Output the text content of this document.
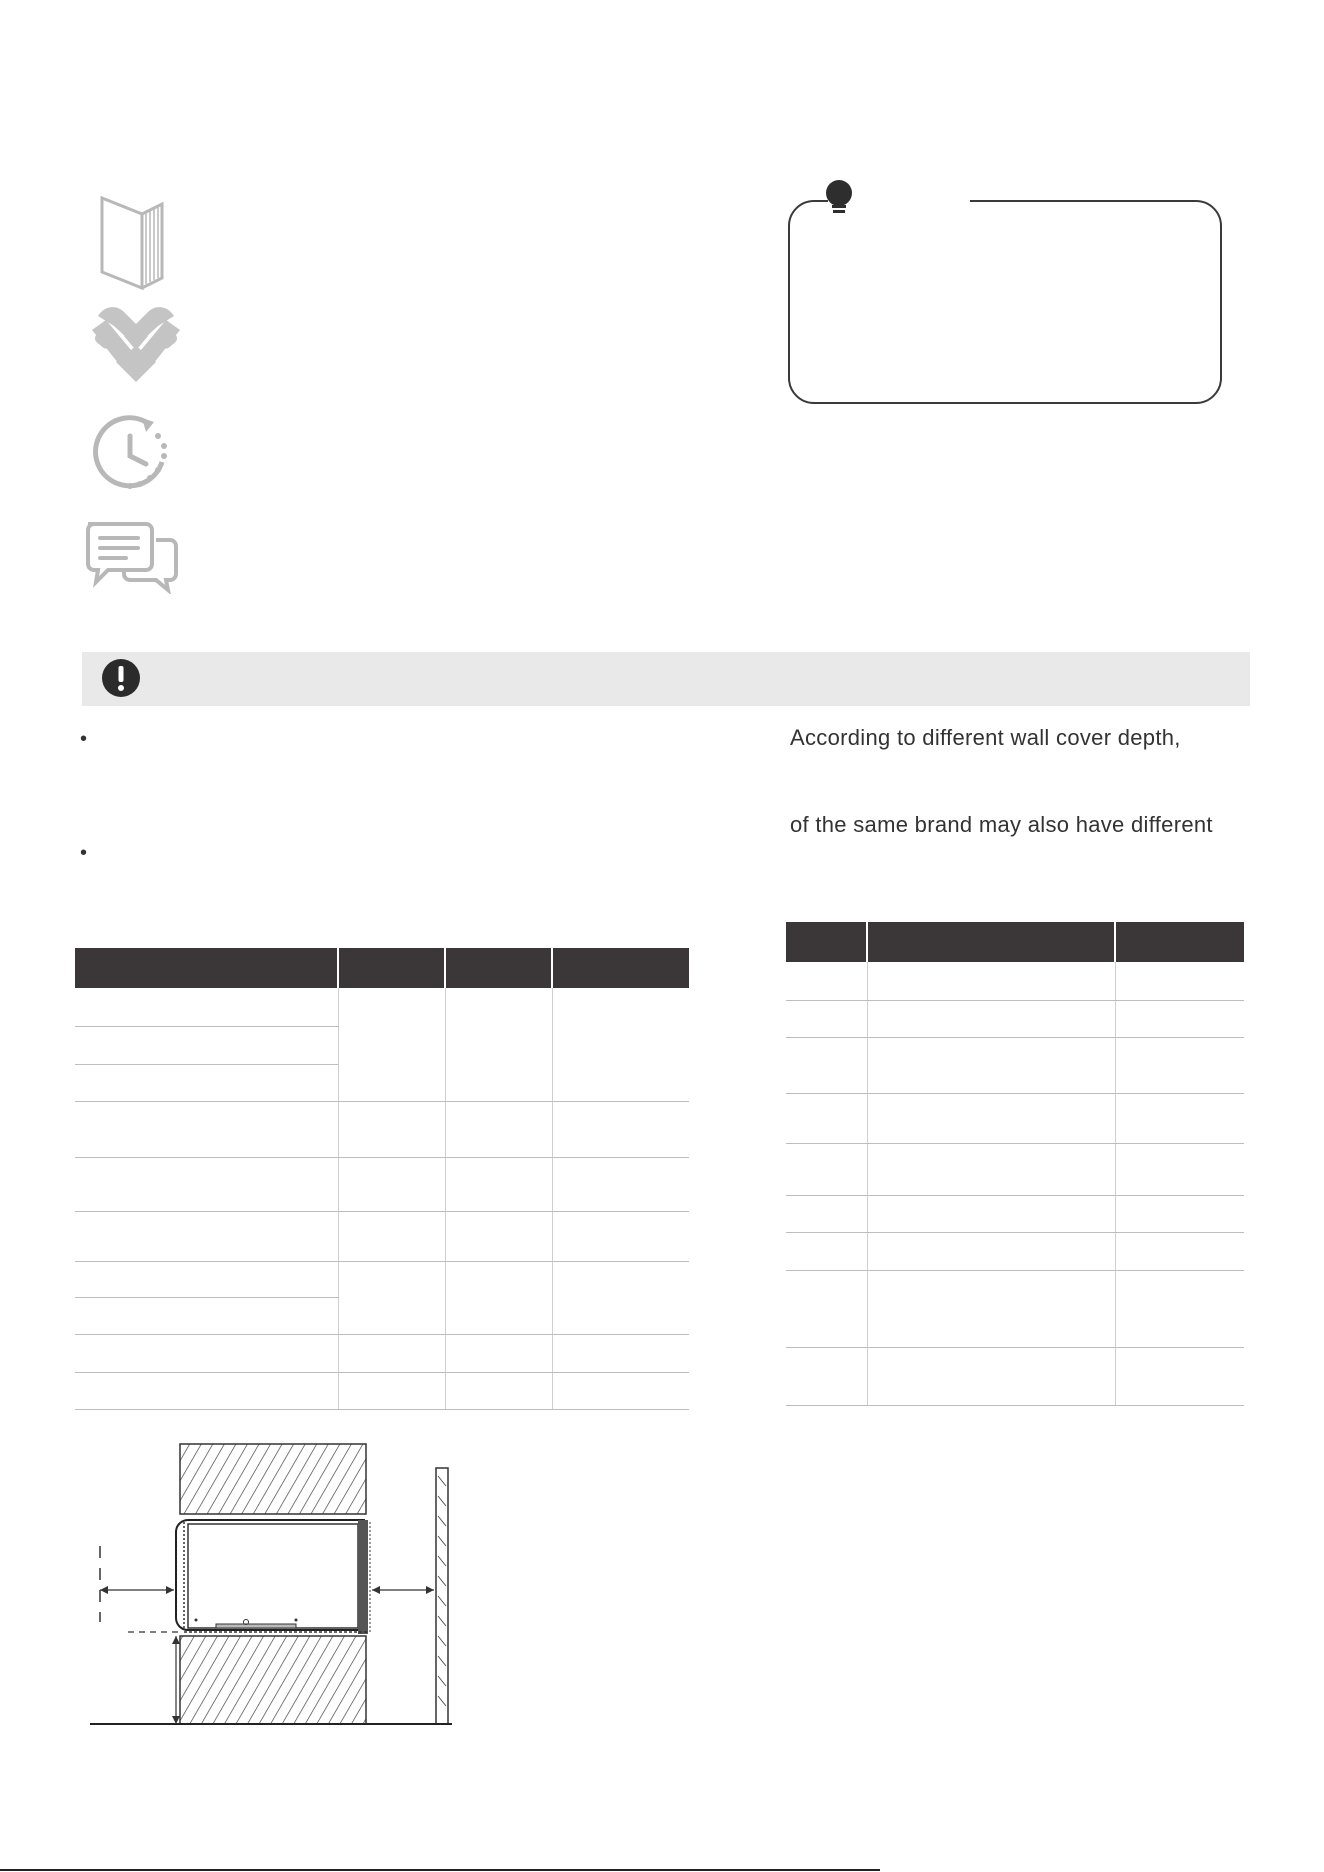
•
•
According to different wall cover depth,
of the same brand may also have different
